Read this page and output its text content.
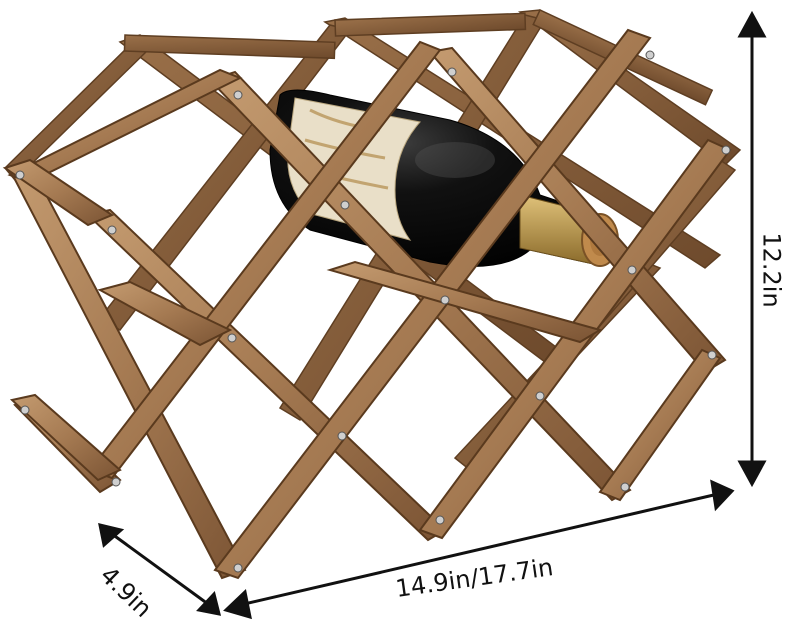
12.2in
14.9in/17.7in
4.9in
